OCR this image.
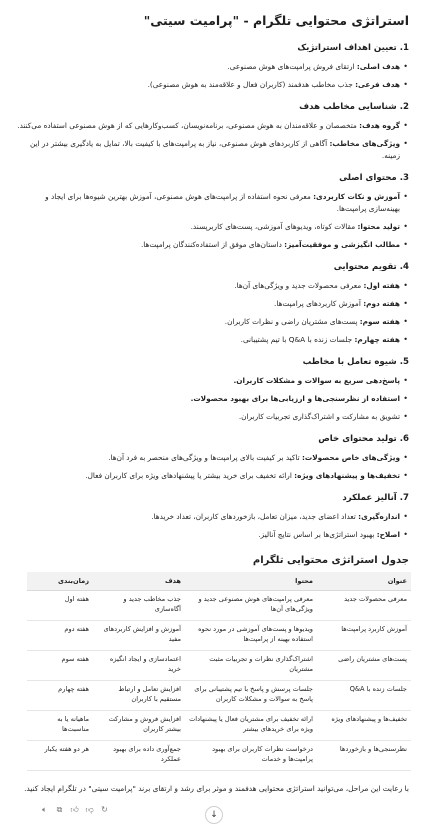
استراتژی محتوایی تلگرام - "پرامیت سیتی"
1. تعیین اهداف استراتژیک
• هدف اصلی: ارتقای فروش پرامپت‌های هوش مصنوعی.
• هدف فرعی: جذب مخاطب هدفمند (کاربران فعال و علاقه‌مند به هوش مصنوعی).
2. شناسایی مخاطب هدف
• گروه هدف: متخصصان و علاقه‌مندان به هوش مصنوعی، برنامه‌نویسان، کسب‌وکارهایی که از هوش مصنوعی استفاده می‌کنند.
• ویژگی‌های مخاطب: آگاهی از کاربردهای هوش مصنوعی، نیاز به پرامپت‌های با کیفیت بالا، تمایل به یادگیری بیشتر در این زمینه.
3. محتوای اصلی
• آموزش و نکات کاربردی: معرفی نحوه استفاده از پرامپت‌های هوش مصنوعی، آموزش بهترین شیوه‌ها برای ایجاد و بهینه‌سازی پرامپت‌ها.
• تولید محتوا: مقالات کوتاه، ویدیوهای آموزشی، پست‌های کاربرپسند.
• مطالب انگیزشی و موفقیت‌آمیز: داستان‌های موفق از استفاده‌کنندگان پرامپت‌ها.
4. تقویم محتوایی
• هفته اول: معرفی محصولات جدید و ویژگی‌های آن‌ها.
• هفته دوم: آموزش کاربردهای پرامپت‌ها.
• هفته سوم: پست‌های مشتریان راضی و نظرات کاربران.
• هفته چهارم: جلسات زنده با Q&A با تیم پشتیبانی.
5. شیوه تعامل با مخاطب
• پاسخ‌دهی سریع به سوالات و مشکلات کاربران.
• استفاده از نظرسنجی‌ها و ارزیابی‌ها برای بهبود محصولات.
• تشویق به مشارکت و اشتراک‌گذاری تجربیات کاربران.
6. تولید محتوای خاص
• ویژگی‌های خاص محصولات: تاکید بر کیفیت بالای پرامپت‌ها و ویژگی‌های منحصر به فرد آن‌ها.
• تخفیف‌ها و پیشنهادهای ویژه: ارائه تخفیف برای خرید بیشتر یا پیشنهادهای ویژه برای کاربران فعال.
7. آنالیز عملکرد
• اندازه‌گیری: تعداد اعضای جدید، میزان تعامل، بازخوردهای کاربران، تعداد خریدها.
• اصلاح: بهبود استراتژی‌ها بر اساس نتایج آنالیز.
جدول استراتژی محتوایی تلگرام
عنوان	محتوا	هدف	زمان‌بندی
معرفی محصولات جدید	معرفی پرامپت‌های هوش مصنوعی جدید و ویژگی‌های آن‌ها	جذب مخاطب جدید و آگاه‌سازی	هفته اول
آموزش کاربرد پرامپت‌ها	ویدیوها و پست‌های آموزشی در مورد نحوه استفاده بهینه از پرامپت‌ها	آموزش و افزایش کاربردهای مفید	هفته دوم
پست‌های مشتریان راضی	اشتراک‌گذاری نظرات و تجربیات مثبت مشتریان	اعتمادسازی و ایجاد انگیزه خرید	هفته سوم
جلسات زنده با Q&A	جلسات پرسش و پاسخ با تیم پشتیبانی برای پاسخ به سوالات و مشکلات کاربران	افزایش تعامل و ارتباط مستقیم با کاربران	هفته چهارم
تخفیف‌ها و پیشنهادهای ویژه	ارائه تخفیف برای مشتریان فعال یا پیشنهادات ویژه برای خریدهای بیشتر	افزایش فروش و مشارکت بیشتر کاربران	ماهیانه یا به مناسبت‌ها
نظرسنجی‌ها و بازخوردها	درخواست نظرات کاربران برای بهبود پرامپت‌ها و خدمات	جمع‌آوری داده برای بهبود عملکرد	هر دو هفته یکبار
با رعایت این مراحل، می‌توانید استراتژی محتوایی هدفمند و موثر برای رشد و ارتقای برند "پرامیت سیتی" در تلگرام ایجاد کنید.
🔈︎ ⧉ 👍︎ 👎︎ ↻
↓
